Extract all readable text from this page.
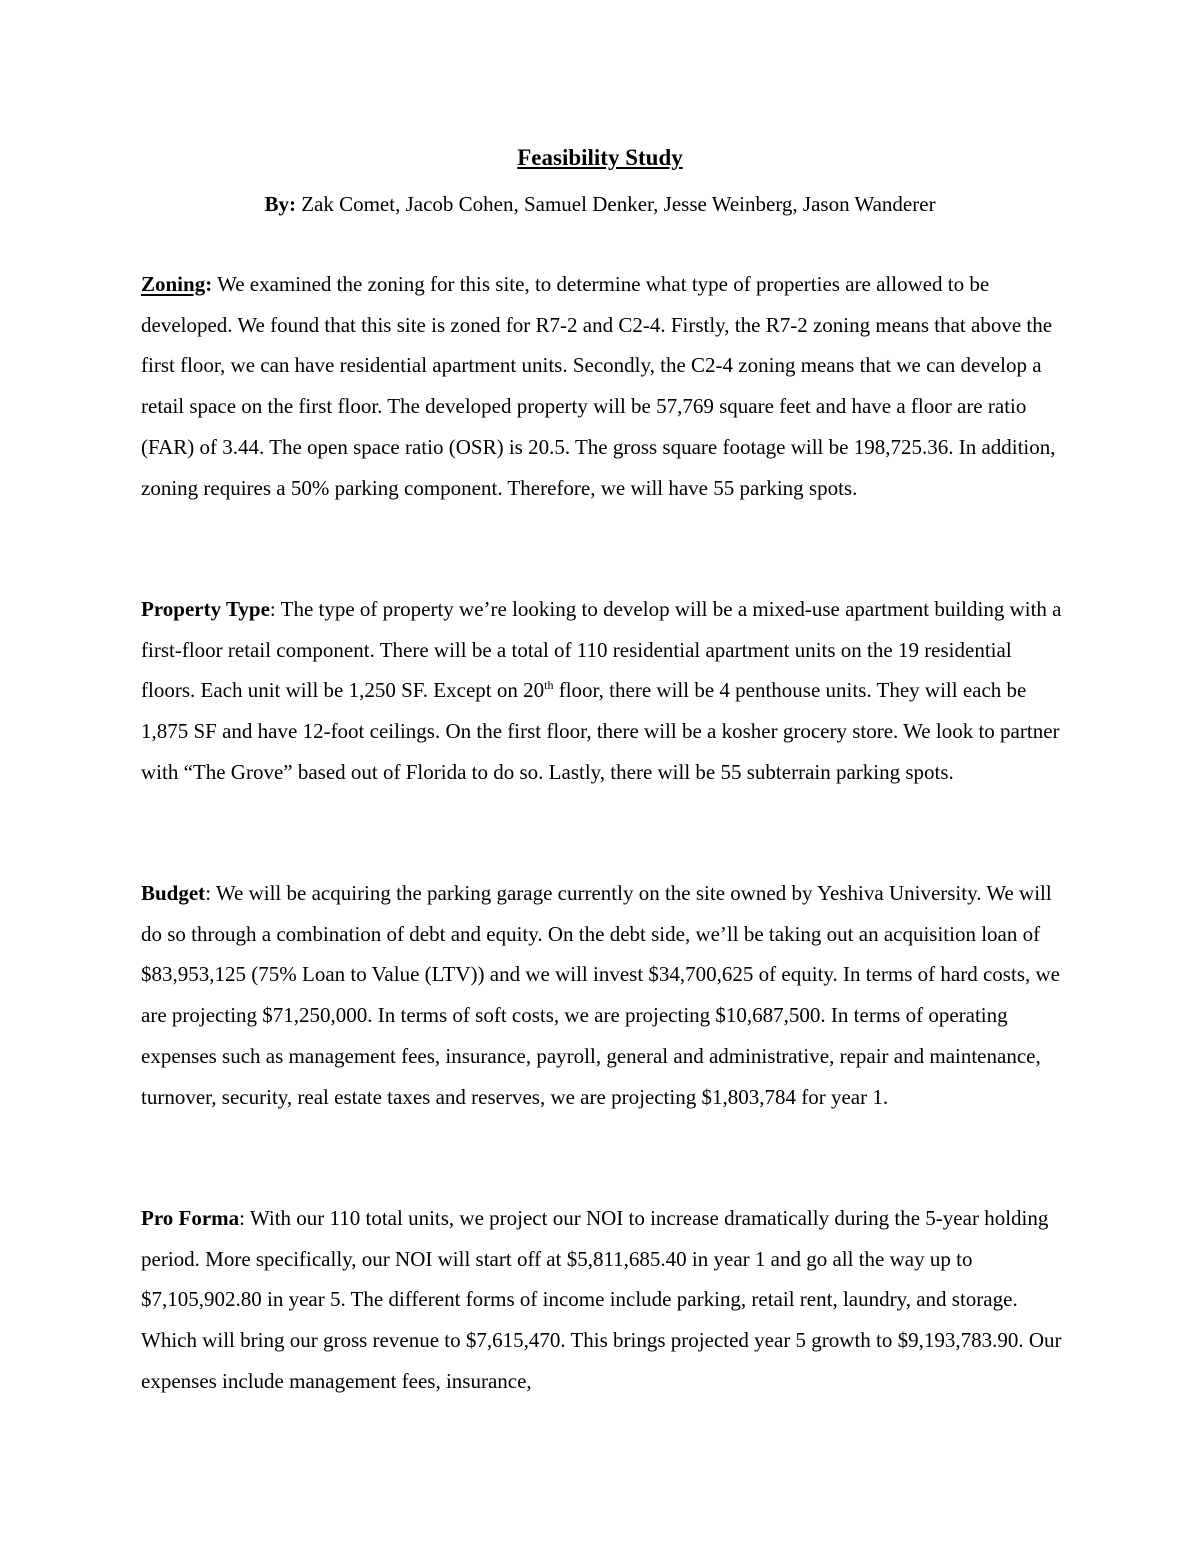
Feasibility Study
By: Zak Comet, Jacob Cohen, Samuel Denker, Jesse Weinberg, Jason Wanderer
Zoning: We examined the zoning for this site, to determine what type of properties are allowed to be developed. We found that this site is zoned for R7-2 and C2-4. Firstly, the R7-2 zoning means that above the first floor, we can have residential apartment units. Secondly, the C2-4 zoning means that we can develop a retail space on the first floor. The developed property will be 57,769 square feet and have a floor are ratio (FAR) of 3.44. The open space ratio (OSR) is 20.5. The gross square footage will be 198,725.36. In addition, zoning requires a 50% parking component. Therefore, we will have 55 parking spots.
Property Type: The type of property we’re looking to develop will be a mixed-use apartment building with a first-floor retail component. There will be a total of 110 residential apartment units on the 19 residential floors. Each unit will be 1,250 SF. Except on 20th floor, there will be 4 penthouse units. They will each be 1,875 SF and have 12-foot ceilings. On the first floor, there will be a kosher grocery store. We look to partner with “The Grove” based out of Florida to do so. Lastly, there will be 55 subterrain parking spots.
Budget: We will be acquiring the parking garage currently on the site owned by Yeshiva University. We will do so through a combination of debt and equity. On the debt side, we’ll be taking out an acquisition loan of $83,953,125 (75% Loan to Value (LTV)) and we will invest $34,700,625 of equity. In terms of hard costs, we are projecting $71,250,000. In terms of soft costs, we are projecting $10,687,500. In terms of operating expenses such as management fees, insurance, payroll, general and administrative, repair and maintenance, turnover, security, real estate taxes and reserves, we are projecting $1,803,784 for year 1.
Pro Forma: With our 110 total units, we project our NOI to increase dramatically during the 5-year holding period. More specifically, our NOI will start off at $5,811,685.40 in year 1 and go all the way up to $7,105,902.80 in year 5. The different forms of income include parking, retail rent, laundry, and storage. Which will bring our gross revenue to $7,615,470. This brings projected year 5 growth to $9,193,783.90. Our expenses include management fees, insurance,
